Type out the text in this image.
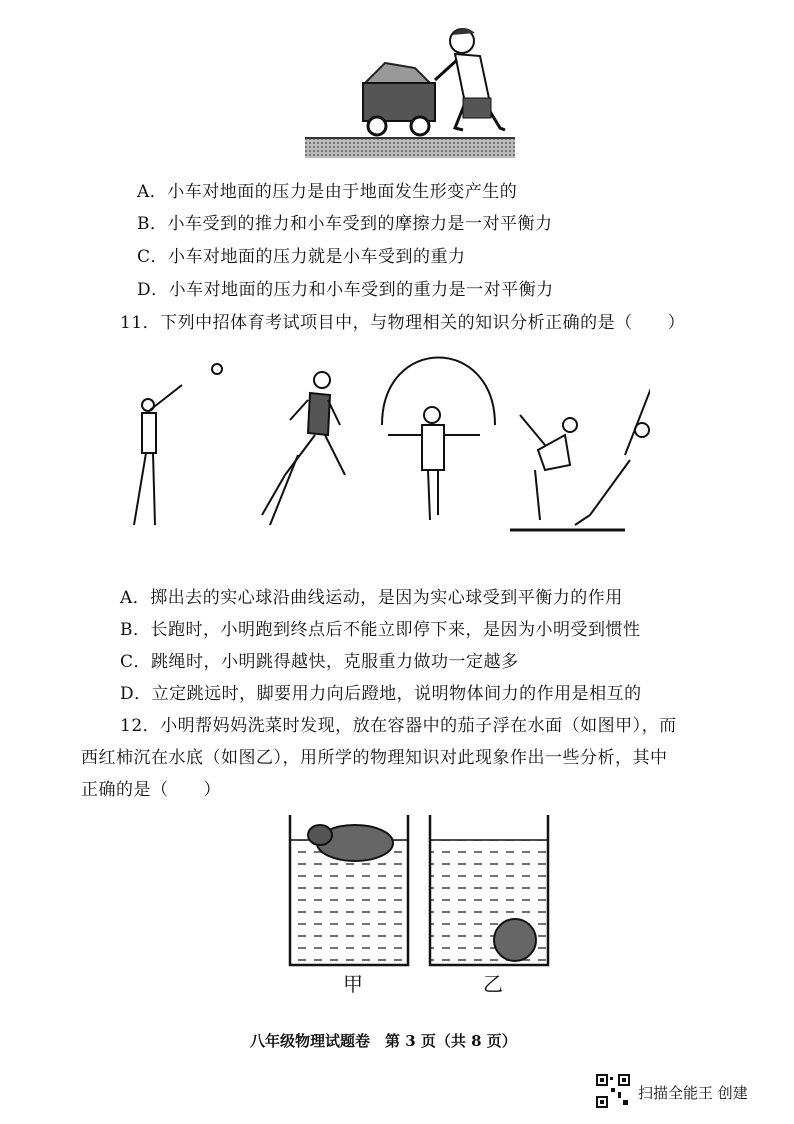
A．小车对地面的压力是由于地面发生形变产生的
B．小车受到的推力和小车受到的摩擦力是一对平衡力
C．小车对地面的压力就是小车受到的重力
D．小车对地面的压力和小车受到的重力是一对平衡力
11．下列中招体育考试项目中，与物理相关的知识分析正确的是（　　）
A．掷出去的实心球沿曲线运动，是因为实心球受到平衡力的作用
B．长跑时，小明跑到终点后不能立即停下来，是因为小明受到惯性
C．跳绳时，小明跳得越快，克服重力做功一定越多
D．立定跳远时，脚要用力向后蹬地，说明物体间力的作用是相互的
12．小明帮妈妈洗菜时发现，放在容器中的茄子浮在水面（如图甲），而
西红柿沉在水底（如图乙），用所学的物理知识对此现象作出一些分析，其中
正确的是（　　）
甲	乙
八年级物理试题卷　第 3 页（共 8 页）
扫描全能王 创建
